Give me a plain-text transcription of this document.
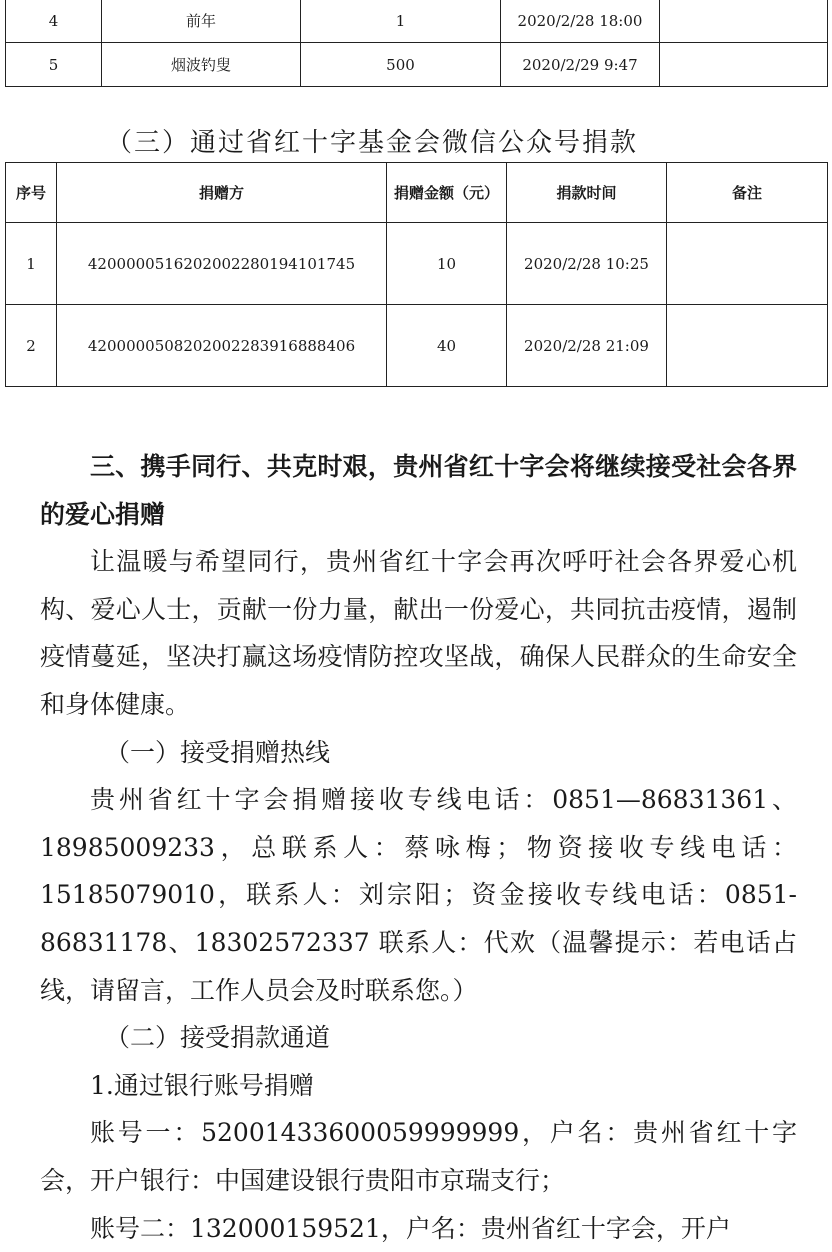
4	前年	1	2020/2/28 18:00	
5	烟波钓叟	500	2020/2/29 9:47	
（三）通过省红十字基金会微信公众号捐款
序号	捐赠方	捐赠金额（元）	捐款时间	备注
1	4200000516202002280194101745	10	2020/2/28 10:25	
2	4200000508202002283916888406	40	2020/2/28 21:09	

三、携手同行、共克时艰，贵州省红十字会将继续接受社会各界的爱心捐赠

让温暖与希望同行，贵州省红十字会再次呼吁社会各界爱心机构、爱心人士，贡献一份力量，献出一份爱心，共同抗击疫情，遏制疫情蔓延，坚决打赢这场疫情防控攻坚战，确保人民群众的生命安全和身体健康。

（一）接受捐赠热线

贵州省红十字会捐赠接收专线电话：0851—86831361、18985009233，总联系人：蔡咏梅；物资接收专线电话：15185079010，联系人：刘宗阳；资金接收专线电话：0851-86831178、18302572337 联系人：代欢（温馨提示：若电话占线，请留言，工作人员会及时联系您。）

（二）接受捐款通道

1.通过银行账号捐赠

账号一：52001433600059999999，户名：贵州省红十字会，开户银行：中国建设银行贵阳市京瑞支行；

账号二：132000159521，户名：贵州省红十字会，开户
